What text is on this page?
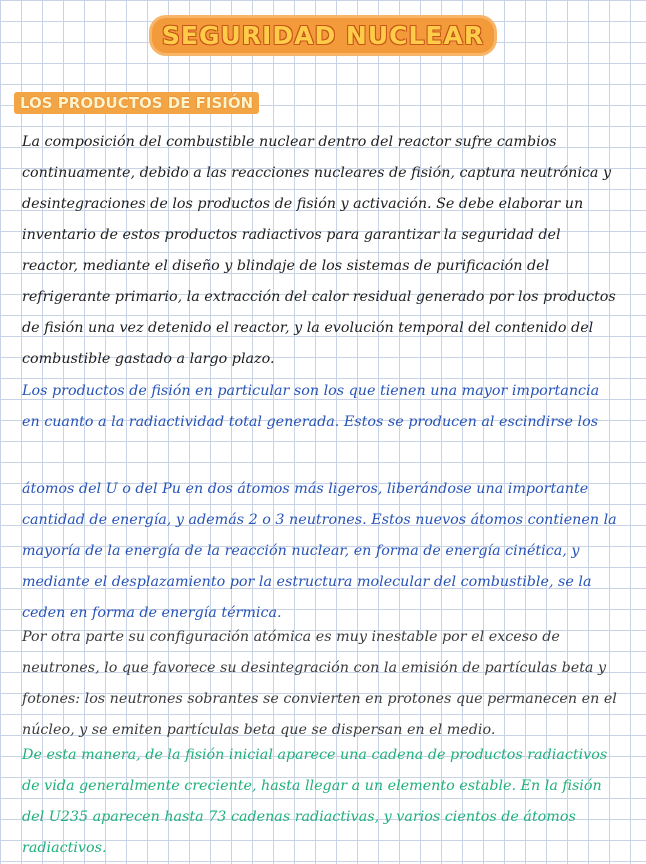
SEGURIDAD NUCLEAR
LOS PRODUCTOS DE FISIÓN

La composición del combustible nuclear dentro del reactor sufre cambios continuamente, debido a las reacciones nucleares de fisión, captura neutrónica y desintegraciones de los productos de fisión y activación. Se debe elaborar un inventario de estos productos radiactivos para garantizar la seguridad del reactor, mediante el diseño y blindaje de los sistemas de purificación del refrigerante primario, la extracción del calor residual generado por los productos de fisión una vez detenido el reactor, y la evolución temporal del contenido del combustible gastado a largo plazo.

Los productos de fisión en particular son los que tienen una mayor importancia en cuanto a la radiactividad total generada. Estos se producen al escindirse los

átomos del U o del Pu en dos átomos más ligeros, liberándose una importante cantidad de energía, y además 2 o 3 neutrones. Estos nuevos átomos contienen la mayoría de la energía de la reacción nuclear, en forma de energía cinética, y mediante el desplazamiento por la estructura molecular del combustible, se la ceden en forma de energía térmica.

Por otra parte su configuración atómica es muy inestable por el exceso de neutrones, lo que favorece su desintegración con la emisión de partículas beta y fotones: los neutrones sobrantes se convierten en protones que permanecen en el núcleo, y se emiten partículas beta que se dispersan en el medio.

De esta manera, de la fisión inicial aparece una cadena de productos radiactivos de vida generalmente creciente, hasta llegar a un elemento estable. En la fisión del U235 aparecen hasta 73 cadenas radiactivas, y varios cientos de átomos radiactivos.
